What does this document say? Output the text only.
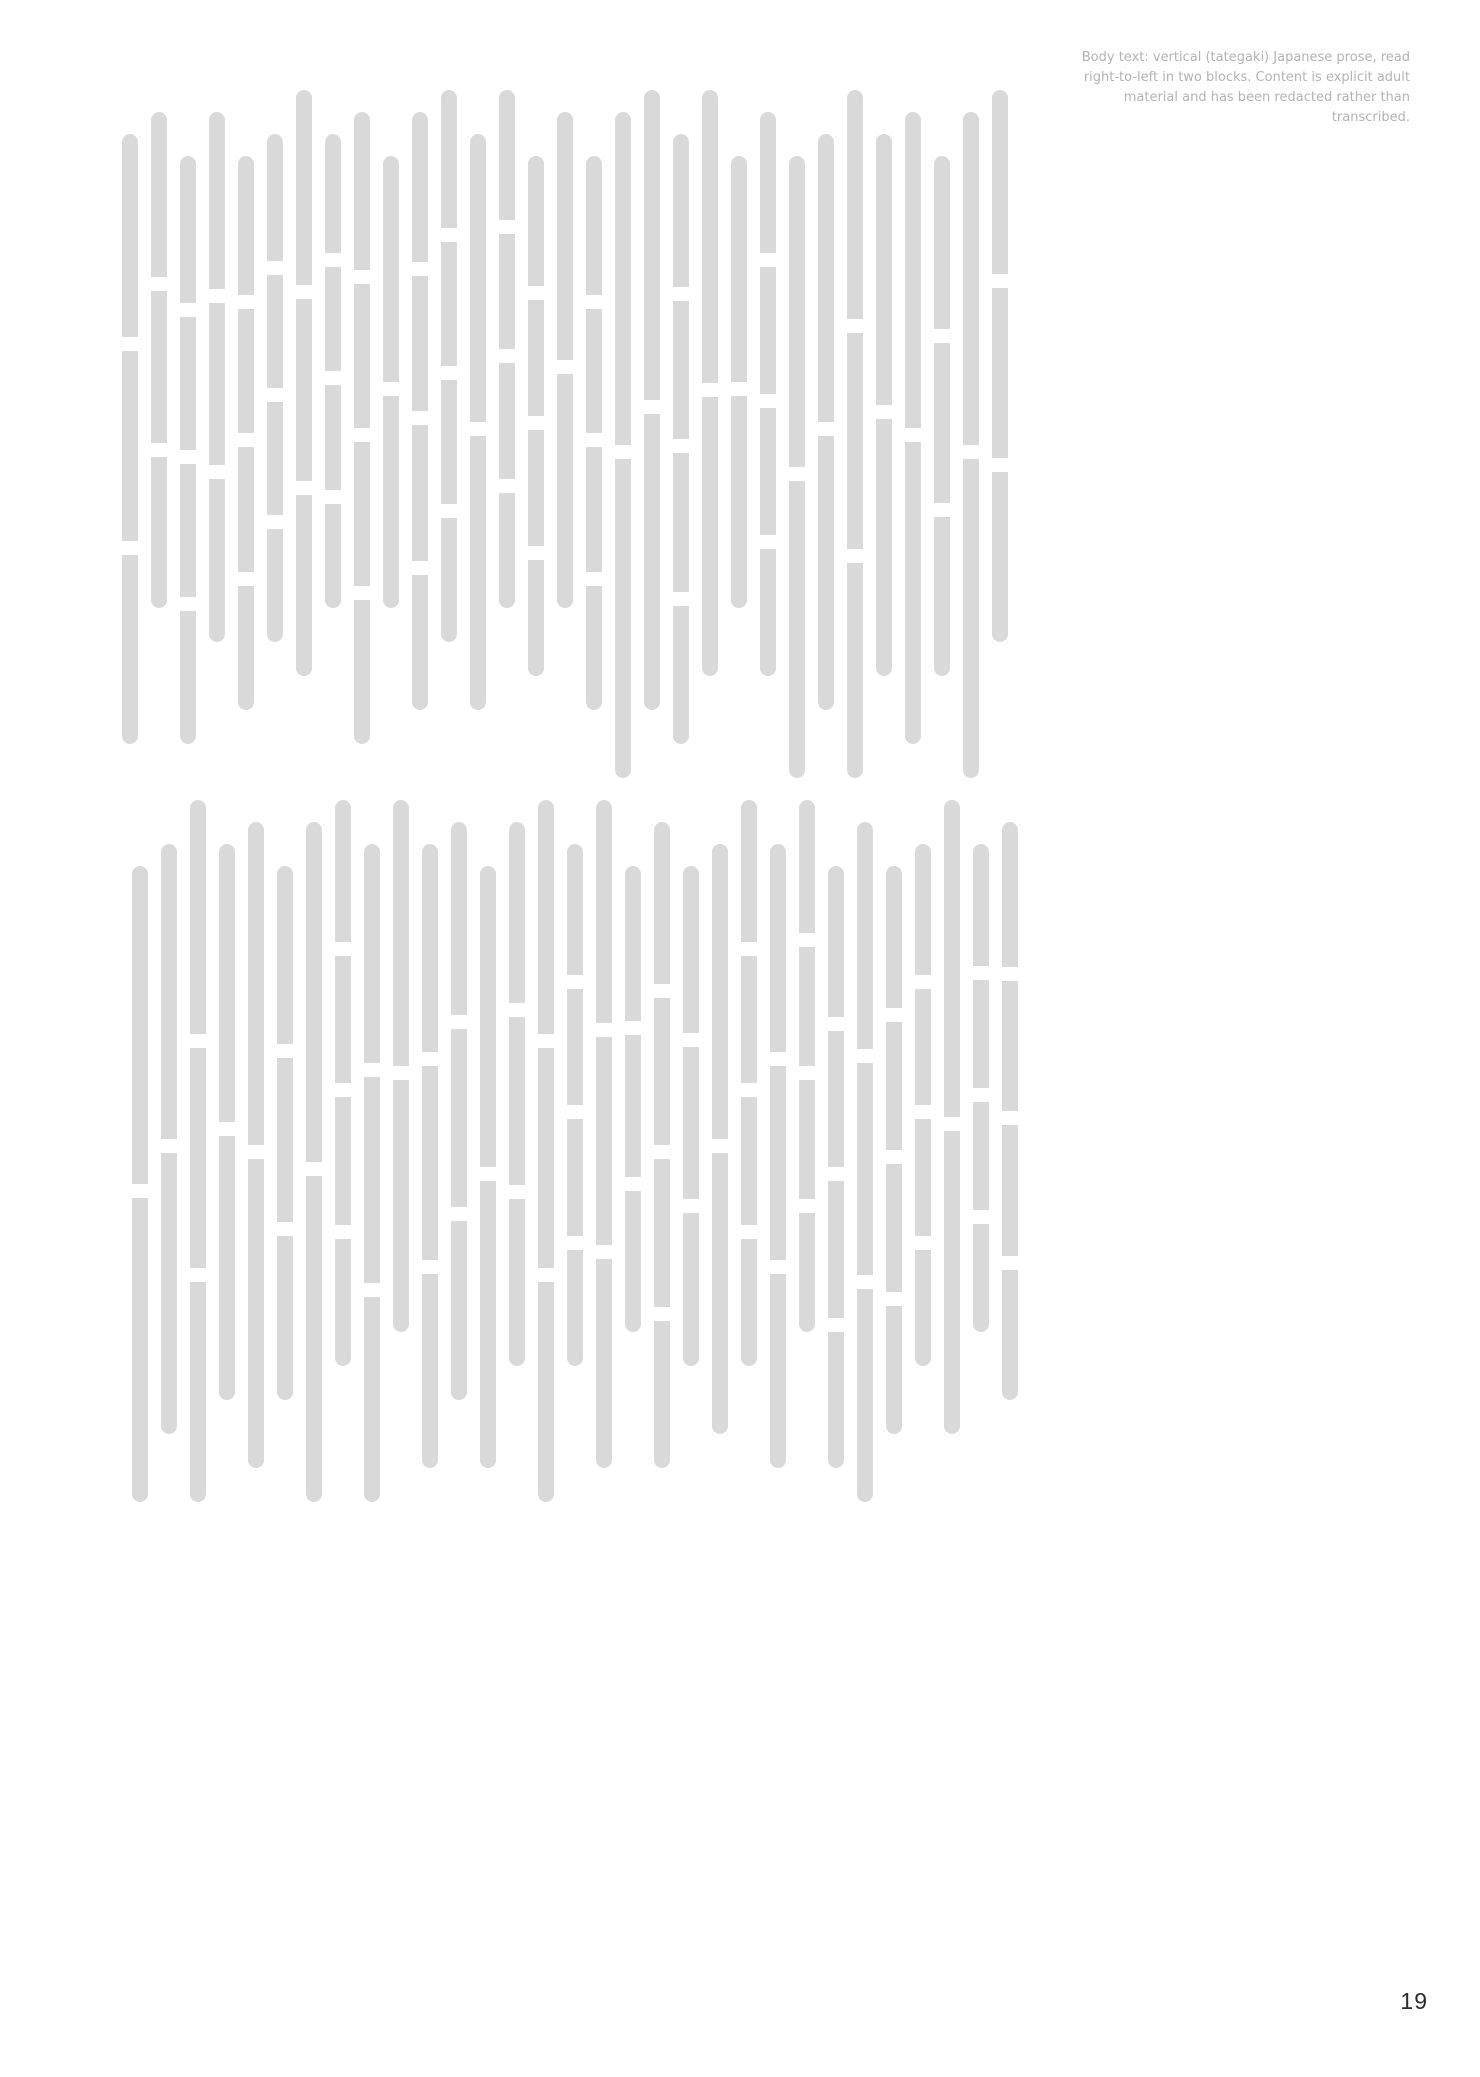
Body text: vertical (tategaki) Japanese prose, read right-to-left in two blocks. Content is explicit adult material and has been redacted rather than transcribed.
19
